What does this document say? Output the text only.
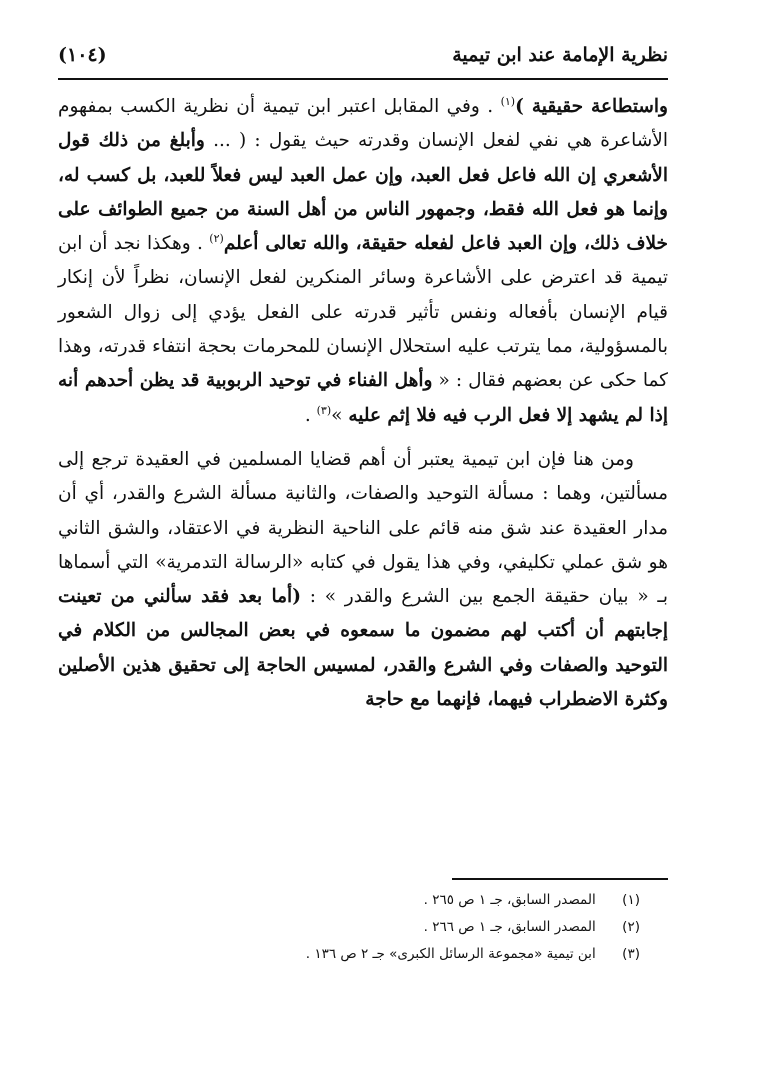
نظرية الإمامة عند ابن تيمية
(١٠٤)

واستطاعة حقيقية )$^{(١)}$ . وفي المقابل اعتبر ابن تيمية أن نظرية الكسب بمفهوم الأشاعرة هي نفي لفعل الإنسان وقدرته حيث يقول : ( ... وأبلغ من ذلك قول الأشعري إن الله فاعل فعل العبد، وإن عمل العبد ليس فعلاً للعبد، بل كسب له، وإنما هو فعل الله فقط، وجمهور الناس من أهل السنة من جميع الطوائف على خلاف ذلك، وإن العبد فاعل لفعله حقيقة، والله تعالى أعلم$^{(٢)}$ . وهكذا نجد أن ابن تيمية قد اعترض على الأشاعرة وسائر المنكرين لفعل الإنسان، نظراً لأن إنكار قيام الإنسان بأفعاله ونفس تأثير قدرته على الفعل يؤدي إلى زوال الشعور بالمسؤولية، مما يترتب عليه استحلال الإنسان للمحرمات بحجة انتفاء قدرته، وهذا كما حكى عن بعضهم فقال : « وأهل الفناء في توحيد الربوبية قد يظن أحدهم أنه إذا لم يشهد إلا فعل الرب فيه فلا إثم عليه »$^{(٣)}$ .

ومن هنا فإن ابن تيمية يعتبر أن أهم قضايا المسلمين في العقيدة ترجع إلى مسألتين، وهما : مسألة التوحيد والصفات، والثانية مسألة الشرع والقدر، أي أن مدار العقيدة عند شق منه قائم على الناحية النظرية في الاعتقاد، والشق الثاني هو شق عملي تكليفي، وفي هذا يقول في كتابه «الرسالة التدمرية» التي أسماها بـ « بيان حقيقة الجمع بين الشرع والقدر » : (أما بعد فقد سألني من تعينت إجابتهم أن أكتب لهم مضمون ما سمعوه في بعض المجالس من الكلام في التوحيد والصفات وفي الشرع والقدر، لمسيس الحاجة إلى تحقيق هذين الأصلين وكثرة الاضطراب فيهما، فإنهما مع حاجة

(١) المصدر السابق، جـ ١ ص ٢٦٥ .
(٢) المصدر السابق، جـ ١ ص ٢٦٦ .
(٣) ابن تيمية «مجموعة الرسائل الكبرى» جـ ٢ ص ١٣٦ .
